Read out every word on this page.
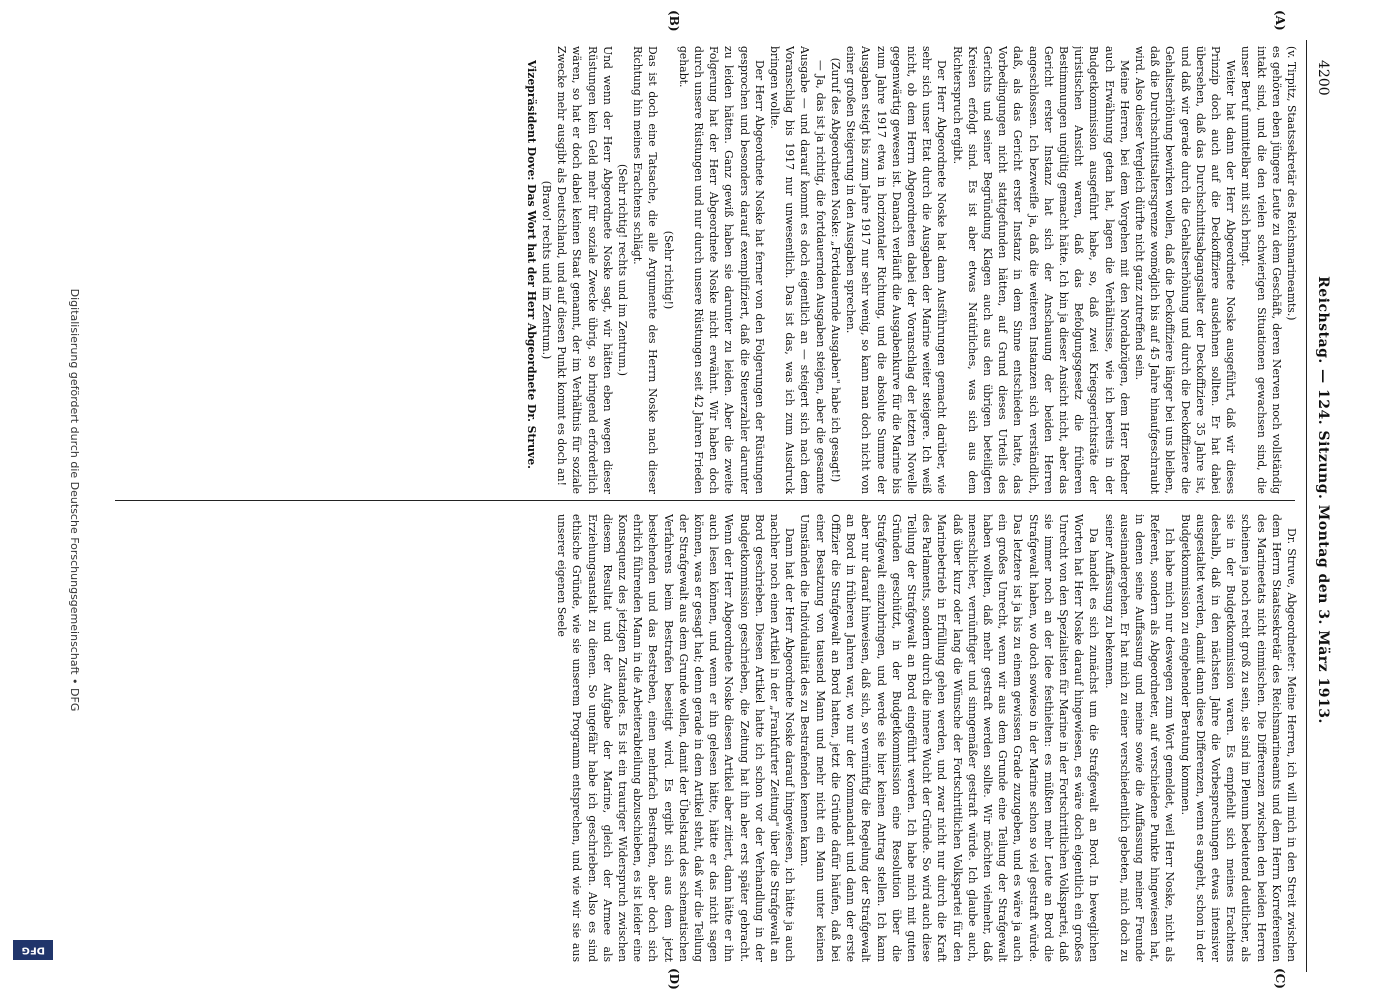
4200
Reichstag. — 124. Sitzung. Montag den 3. März 1913.
(A)
(B)
(C)
(D)

(v. Tirpitz, Staatssekretär des Reichsmarineamts.)

es gehören eben jüngere Leute zu dem Geschäft, deren Nerven noch vollständig intakt sind, und die den vielen schwierigen Situationen gewachsen sind, die unser Beruf unmittelbar mit sich bringt.

Weiter hat dann der Herr Abgeordnete Noske ausgeführt, daß wir dieses Prinzip doch auch auf die Deckoffiziere ausdehnen sollten. Er hat dabei übersehen, daß das Durchschnittsabgangsalter der Deckoffiziere 35 Jahre ist, und daß wir gerade durch die Gehaltserhöhung und durch die Deckoffiziere die Gehaltserhöhung bewirken wollen, daß die Deckoffiziere länger bei uns bleiben, daß die Durchschnittsaltersgrenze womöglich bis auf 45 Jahre hinaufgeschraubt wird. Also dieser Vergleich dürfte nicht ganz zutreffend sein.

Meine Herren, bei dem Vorgehen mit den Nordabzügen, dem Herr Redner auch Erwähnung getan hat, lagen die Verhältnisse, wie ich bereits in der Budgetkommission ausgeführt habe, so, daß zwei Kriegsgerichtsräte der juristischen Ansicht waren, daß das Befolgungsgesetz die früheren Bestimmungen ungültig gemacht hätte. Ich bin ja dieser Ansicht nicht, aber das Gericht erster Instanz hat sich der Anschauung der beiden Herren angeschlossen. Ich bezweifle ja, daß die weiteren Instanzen sich verständlich, daß, als das Gericht erster Instanz in dem Sinne entschieden hatte, das Vorbedingungen nicht stattgefunden hätten, auf Grund dieses Urteils des Gerichts und seiner Begründung Klagen auch aus den übrigen beteiligten Kreisen erfolgt sind. Es ist aber etwas Natürliches, was sich aus dem Richterspruch ergibt.

Der Herr Abgeordnete Noske hat dann Ausführungen gemacht darüber, wie sehr sich unser Etat durch die Ausgaben der Marine weiter steigere. Ich weiß nicht, ob dem Herrn Abgeordneten dabei der Voranschlag der letzten Novelle gegenwärtig gewesen ist. Danach verläuft die Ausgabenkurve für die Marine bis zum Jahre 1917 etwa in horizontaler Richtung, und die absolute Summe der Ausgaben steigt bis zum Jahre 1917 nur sehr wenig, so kann man doch nicht von einer großen Steigerung in den Ausgaben sprechen.

(Zuruf des Abgeordneten Noske: „Fortdauernde Ausgaben" habe ich gesagt!)

— Ja, das ist ja richtig, die fortdauernden Ausgaben steigen, aber die gesamte Ausgabe — und darauf kommt es doch eigentlich an — steigert sich nach dem Voranschlag bis 1917 nur unwesentlich. Das ist das, was ich zum Ausdruck bringen wollte.

Der Herr Abgeordnete Noske hat ferner von den Folgerungen der Rüstungen gesprochen und besonders darauf exemplifiziert, daß die Steuerzahler darunter zu leiden hätten. Ganz gewiß haben sie darunter zu leiden. Aber die zweite Folgerung hat der Herr Abgeordnete Noske nicht erwähnt. Wir haben doch durch unsere Rüstungen und nur durch unsere Rüstungen seit 42 Jahren Frieden gehabt.

(Sehr richtig!)

Das ist doch eine Tatsache, die alle Argumente des Herrn Noske nach dieser Richtung hin meines Erachtens schlägt.

(Sehr richtig! rechts und im Zentrum.)

Und wenn der Herr Abgeordnete Noske sagt, wir hätten eben wegen dieser Rüstungen kein Geld mehr für soziale Zwecke übrig, so bringend erforderlich wären, so hat er doch dabei keinen Staat genannt, der im Verhältnis für soziale Zwecke mehr ausgibt als Deutschland, und auf diesen Punkt kommt es doch an!

(Bravo! rechts und im Zentrum.)

Vizepräsident Dove: Das Wort hat der Herr Abgeordnete Dr. Struve.

Dr. Struve, Abgeordneter: Meine Herren, ich will mich in den Streit zwischen dem Herrn Staatssekretär des Reichsmarineamts und dem Herrn Korreferenten des Marineetats nicht einmischen. Die Differenzen zwischen den beiden Herren scheinen ja noch recht groß zu sein, sie sind im Plenum bedeutend deutlicher, als sie in der Budgetkommission waren. Es empfiehlt sich meines Erachtens deshalb, daß in den nächsten Jahre die Vorbesprechungen etwas intensiver ausgestaltet werden, damit dann diese Differenzen, wenn es angeht, schon in der Budgetkommission zu eingehender Beratung kommen.

Ich habe mich nur deswegen zum Wort gemeldet, weil Herr Noske, nicht als Referent, sondern als Abgeordneter, auf verschiedene Punkte hingewiesen hat, in denen seine Auffassung und meine sowie die Auffassung meiner Freunde auseinandergehen. Er hat mich zu einer verschiedentlich gebeten, mich doch zu seiner Auffassung zu bekennen.

Da handelt es sich zunächst um die Strafgewalt an Bord. In beweglichen Worten hat Herr Noske darauf hingewiesen, es wäre doch eigentlich ein großes Unrecht von den Spezialisten für Marine in der Fortschrittlichen Volkspartei, daß sie immer noch an der Idee festhielten: es müßten mehr Leute an Bord die Strafgewalt haben, wo doch sowieso in der Marine schon so viel gestraft würde. Das letztere ist ja bis zu einem gewissen Grade zuzugeben, und es wäre ja auch ein großes Unrecht, wenn wir aus dem Grunde eine Teilung der Strafgewalt haben wollten, daß mehr gestraft werden sollte. Wir möchten vielmehr, daß menschlicher, vernünftiger und sinngemäßer gestraft würde. Ich glaube auch, daß über kurz oder lang die Wünsche der Fortschrittlichen Volkspartei für den Marinebetrieb in Erfüllung gehen werden, und zwar nicht nur durch die Kraft des Parlaments, sondern durch die innere Wucht der Gründe. So wird auch diese Teilung der Strafgewalt an Bord eingeführt werden. Ich habe mich mit guten Gründen geschützt, in der Budgetkommission eine Resolution über die Strafgewalt einzubringen, und werde sie hier keinen Antrag stellen. Ich kann aber nur darauf hinweisen, daß sich, so vernünftig die Regelung der Strafgewalt an Bord in früheren Jahren war, wo nur der Kommandant und dann der erste Offizier die Strafgewalt an Bord hatten, jetzt die Gründe dafür häufen, daß bei einer Besatzung von tausend Mann und mehr nicht ein Mann unter keinen Umständen die Individualität des zu Bestrafenden kennen kann.

Dann hat der Herr Abgeordnete Noske darauf hingewiesen, ich hätte ja auch nachher noch einen Artikel in der „Frankfurter Zeitung" über die Strafgewalt an Bord geschrieben. Diesen Artikel hatte ich schon vor der Verhandlung in der Budgetkommission geschrieben, die Zeitung hat ihn aber erst später gebracht. Wenn der Herr Abgeordnete Noske diesen Artikel aber zitiert, dann hätte er ihn auch lesen können, und wenn er ihn gelesen hätte, hätte er das nicht sagen können, was er gesagt hat; denn gerade in dem Artikel steht, daß wir die Teilung der Strafgewalt aus dem Grunde wollen, damit der Übelstand des schematischen Verfahrens beim Bestrafen beseitigt wird. Es ergibt sich aus dem jetzt bestehenden und das Bestreben, einen mehrfach Bestraften, aber doch sich ehrlich führenden Mann in die Arbeiterabteilung abzuschieben, es ist leider eine Konsequenz des jetzigen Zustandes. Es ist ein trauriger Widerspruch zwischen diesem Resultat und der Aufgabe der Marine, gleich der Armee als Erziehungsanstalt zu dienen. So ungefähr habe ich geschrieben. Also es sind ethische Gründe, wie sie unserem Programm entsprechen, und wie wir sie aus unserer eigenen Seele

Digitalisierung gefördert durch die Deutsche Forschungsgemeinschaft • DFG
DFG
